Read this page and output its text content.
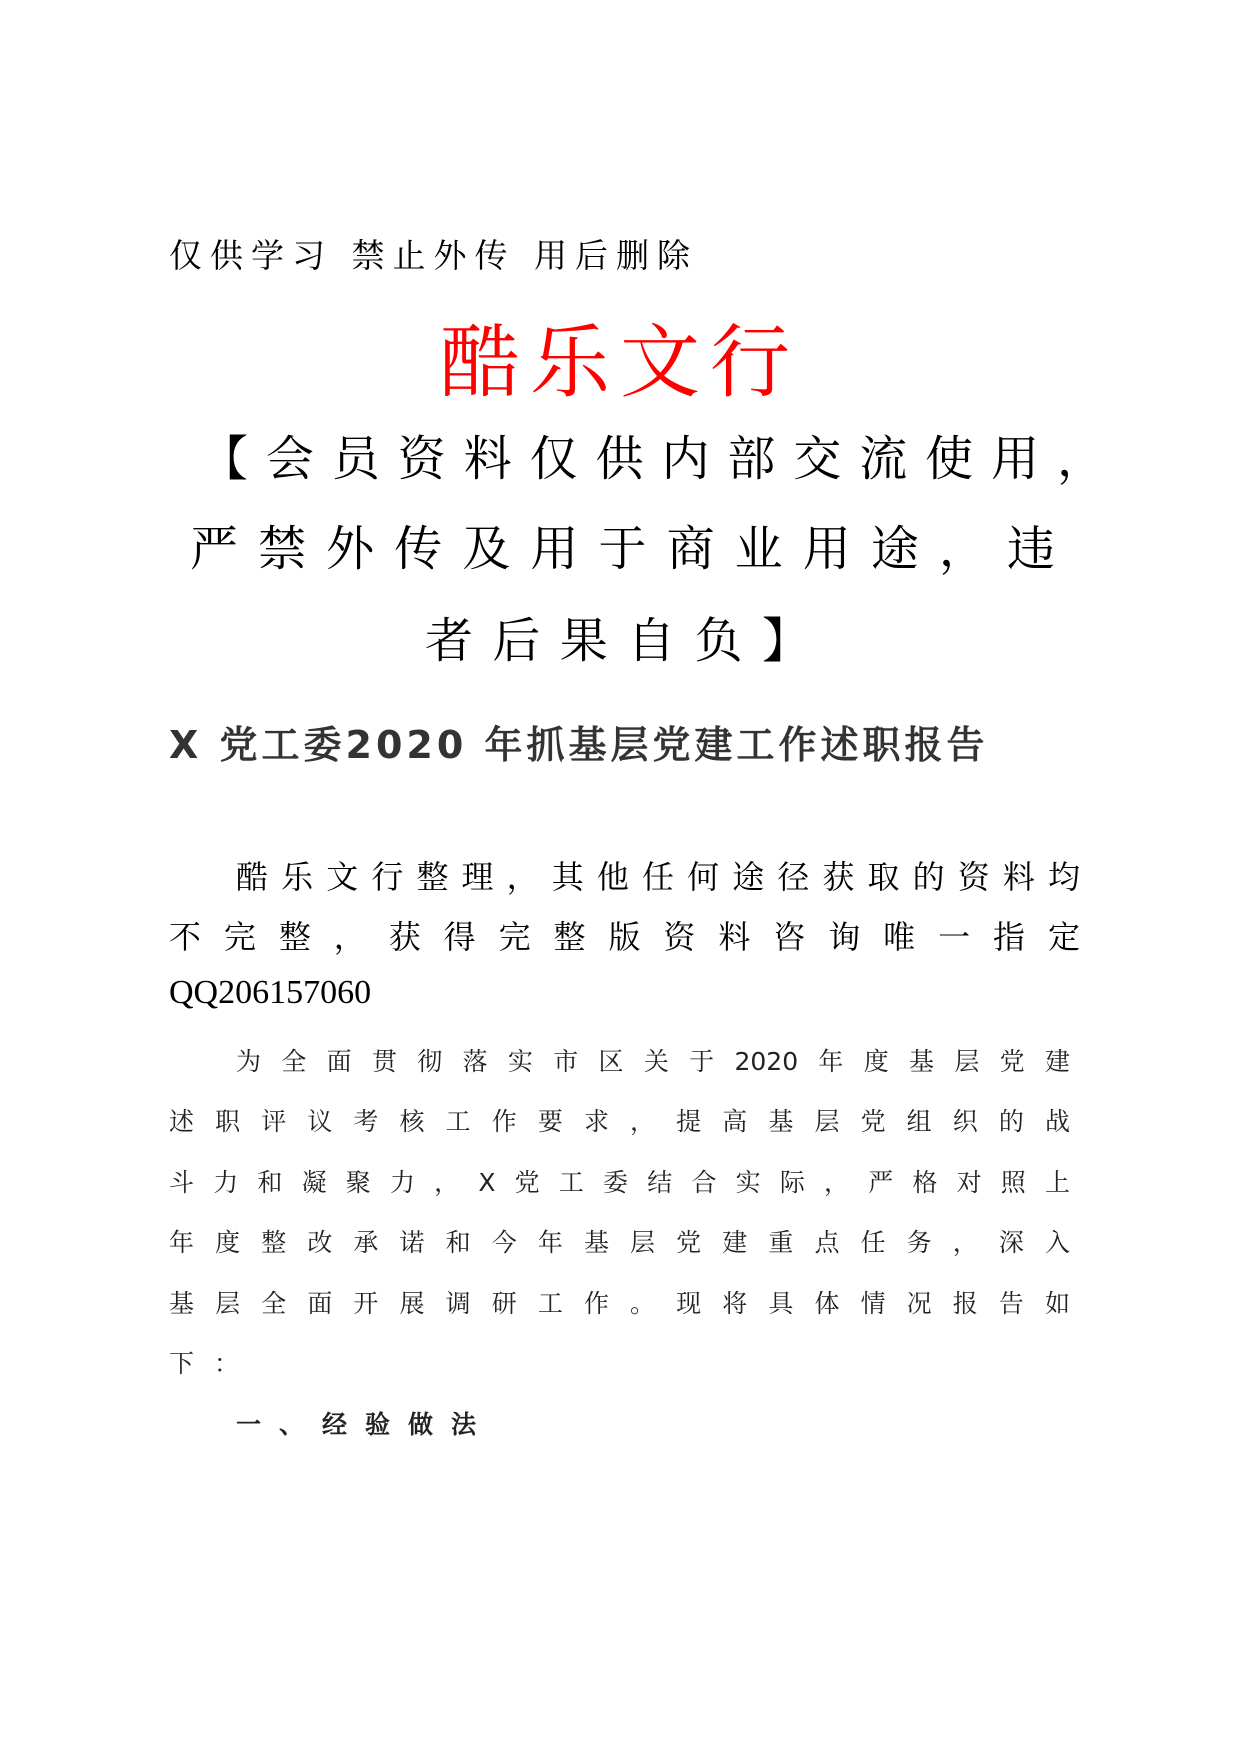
仅供学习 禁止外传 用后删除
酷乐文行
【会员资料仅供内部交流使用，
严禁外传及用于商业用途，违
者后果自负】
X 党工委2020 年抓基层党建工作述职报告
酷乐文行整理，其他任何途径获取的资料均
不完整，获得完整版资料咨询唯一指定
QQ206157060
为全面贯彻落实市区关于2020年度基层党建
述职评议考核工作要求，提高基层党组织的战
斗力和凝聚力，X党工委结合实际，严格对照上
年度整改承诺和今年基层党建重点任务，深入
基层全面开展调研工作。现将具体情况报告如
下：
一、经验做法
